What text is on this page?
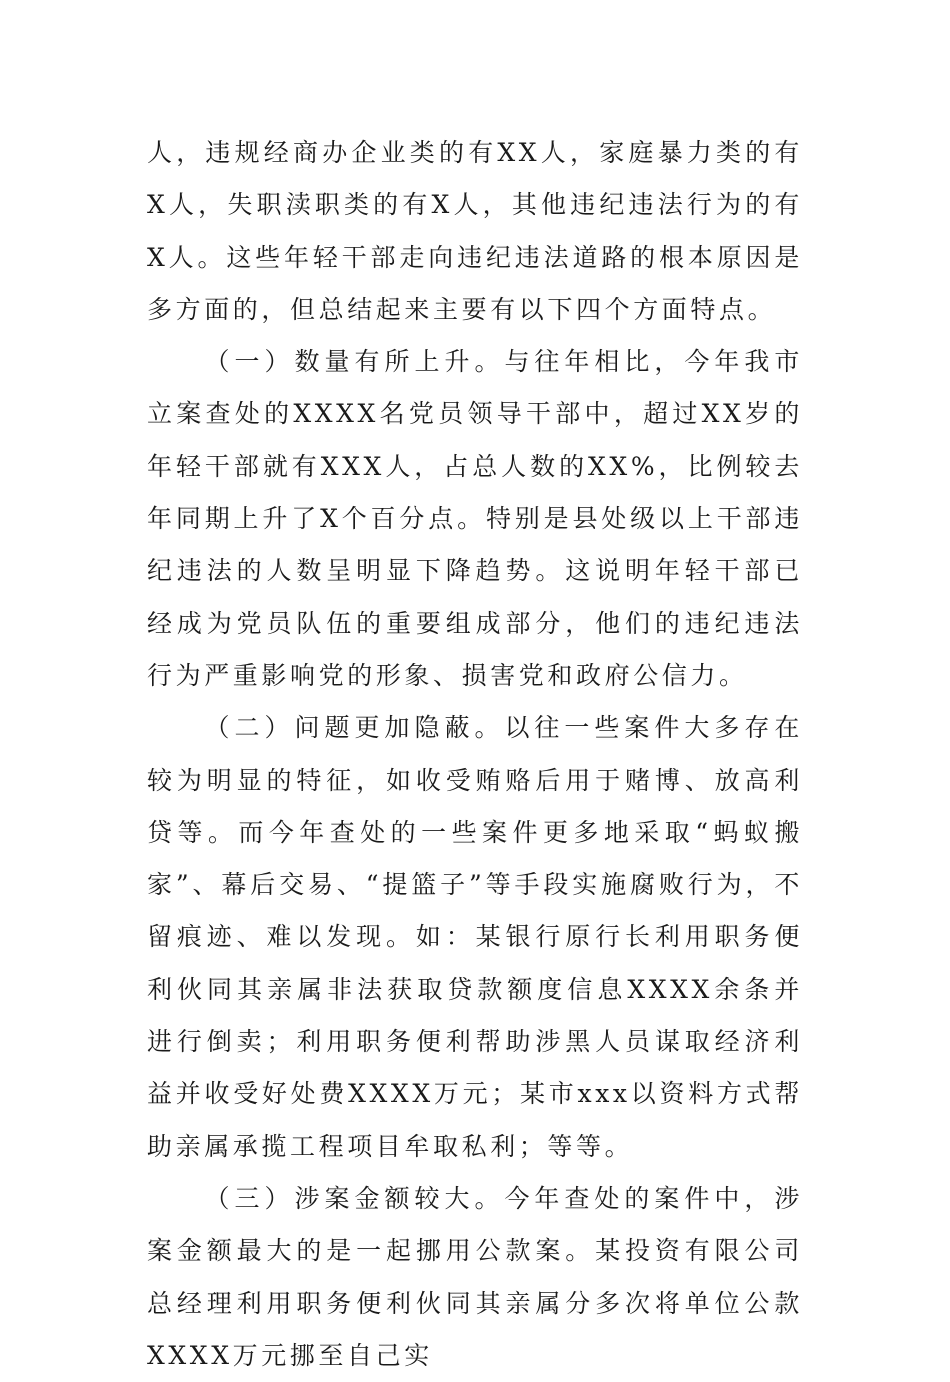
人，违规经商办企业类的有XX人，家庭暴力类的有X人，失职渎职类的有X人，其他违纪违法行为的有X人。这些年轻干部走向违纪违法道路的根本原因是多方面的，但总结起来主要有以下四个方面特点。

（一）数量有所上升。与往年相比，今年我市立案查处的XXXX名党员领导干部中，超过XX岁的年轻干部就有XXX人，占总人数的XX%，比例较去年同期上升了X个百分点。特别是县处级以上干部违纪违法的人数呈明显下降趋势。这说明年轻干部已经成为党员队伍的重要组成部分，他们的违纪违法行为严重影响党的形象、损害党和政府公信力。

（二）问题更加隐蔽。以往一些案件大多存在较为明显的特征，如收受贿赂后用于赌博、放高利贷等。而今年查处的一些案件更多地采取“蚂蚁搬家”、幕后交易、“提篮子”等手段实施腐败行为，不留痕迹、难以发现。如：某银行原行长利用职务便利伙同其亲属非法获取贷款额度信息XXXX余条并进行倒卖；利用职务便利帮助涉黑人员谋取经济利益并收受好处费XXXX万元；某市xxx以资料方式帮助亲属承揽工程项目牟取私利；等等。

（三）涉案金额较大。今年查处的案件中，涉案金额最大的是一起挪用公款案。某投资有限公司总经理利用职务便利伙同其亲属分多次将单位公款XXXX万元挪至自己实
